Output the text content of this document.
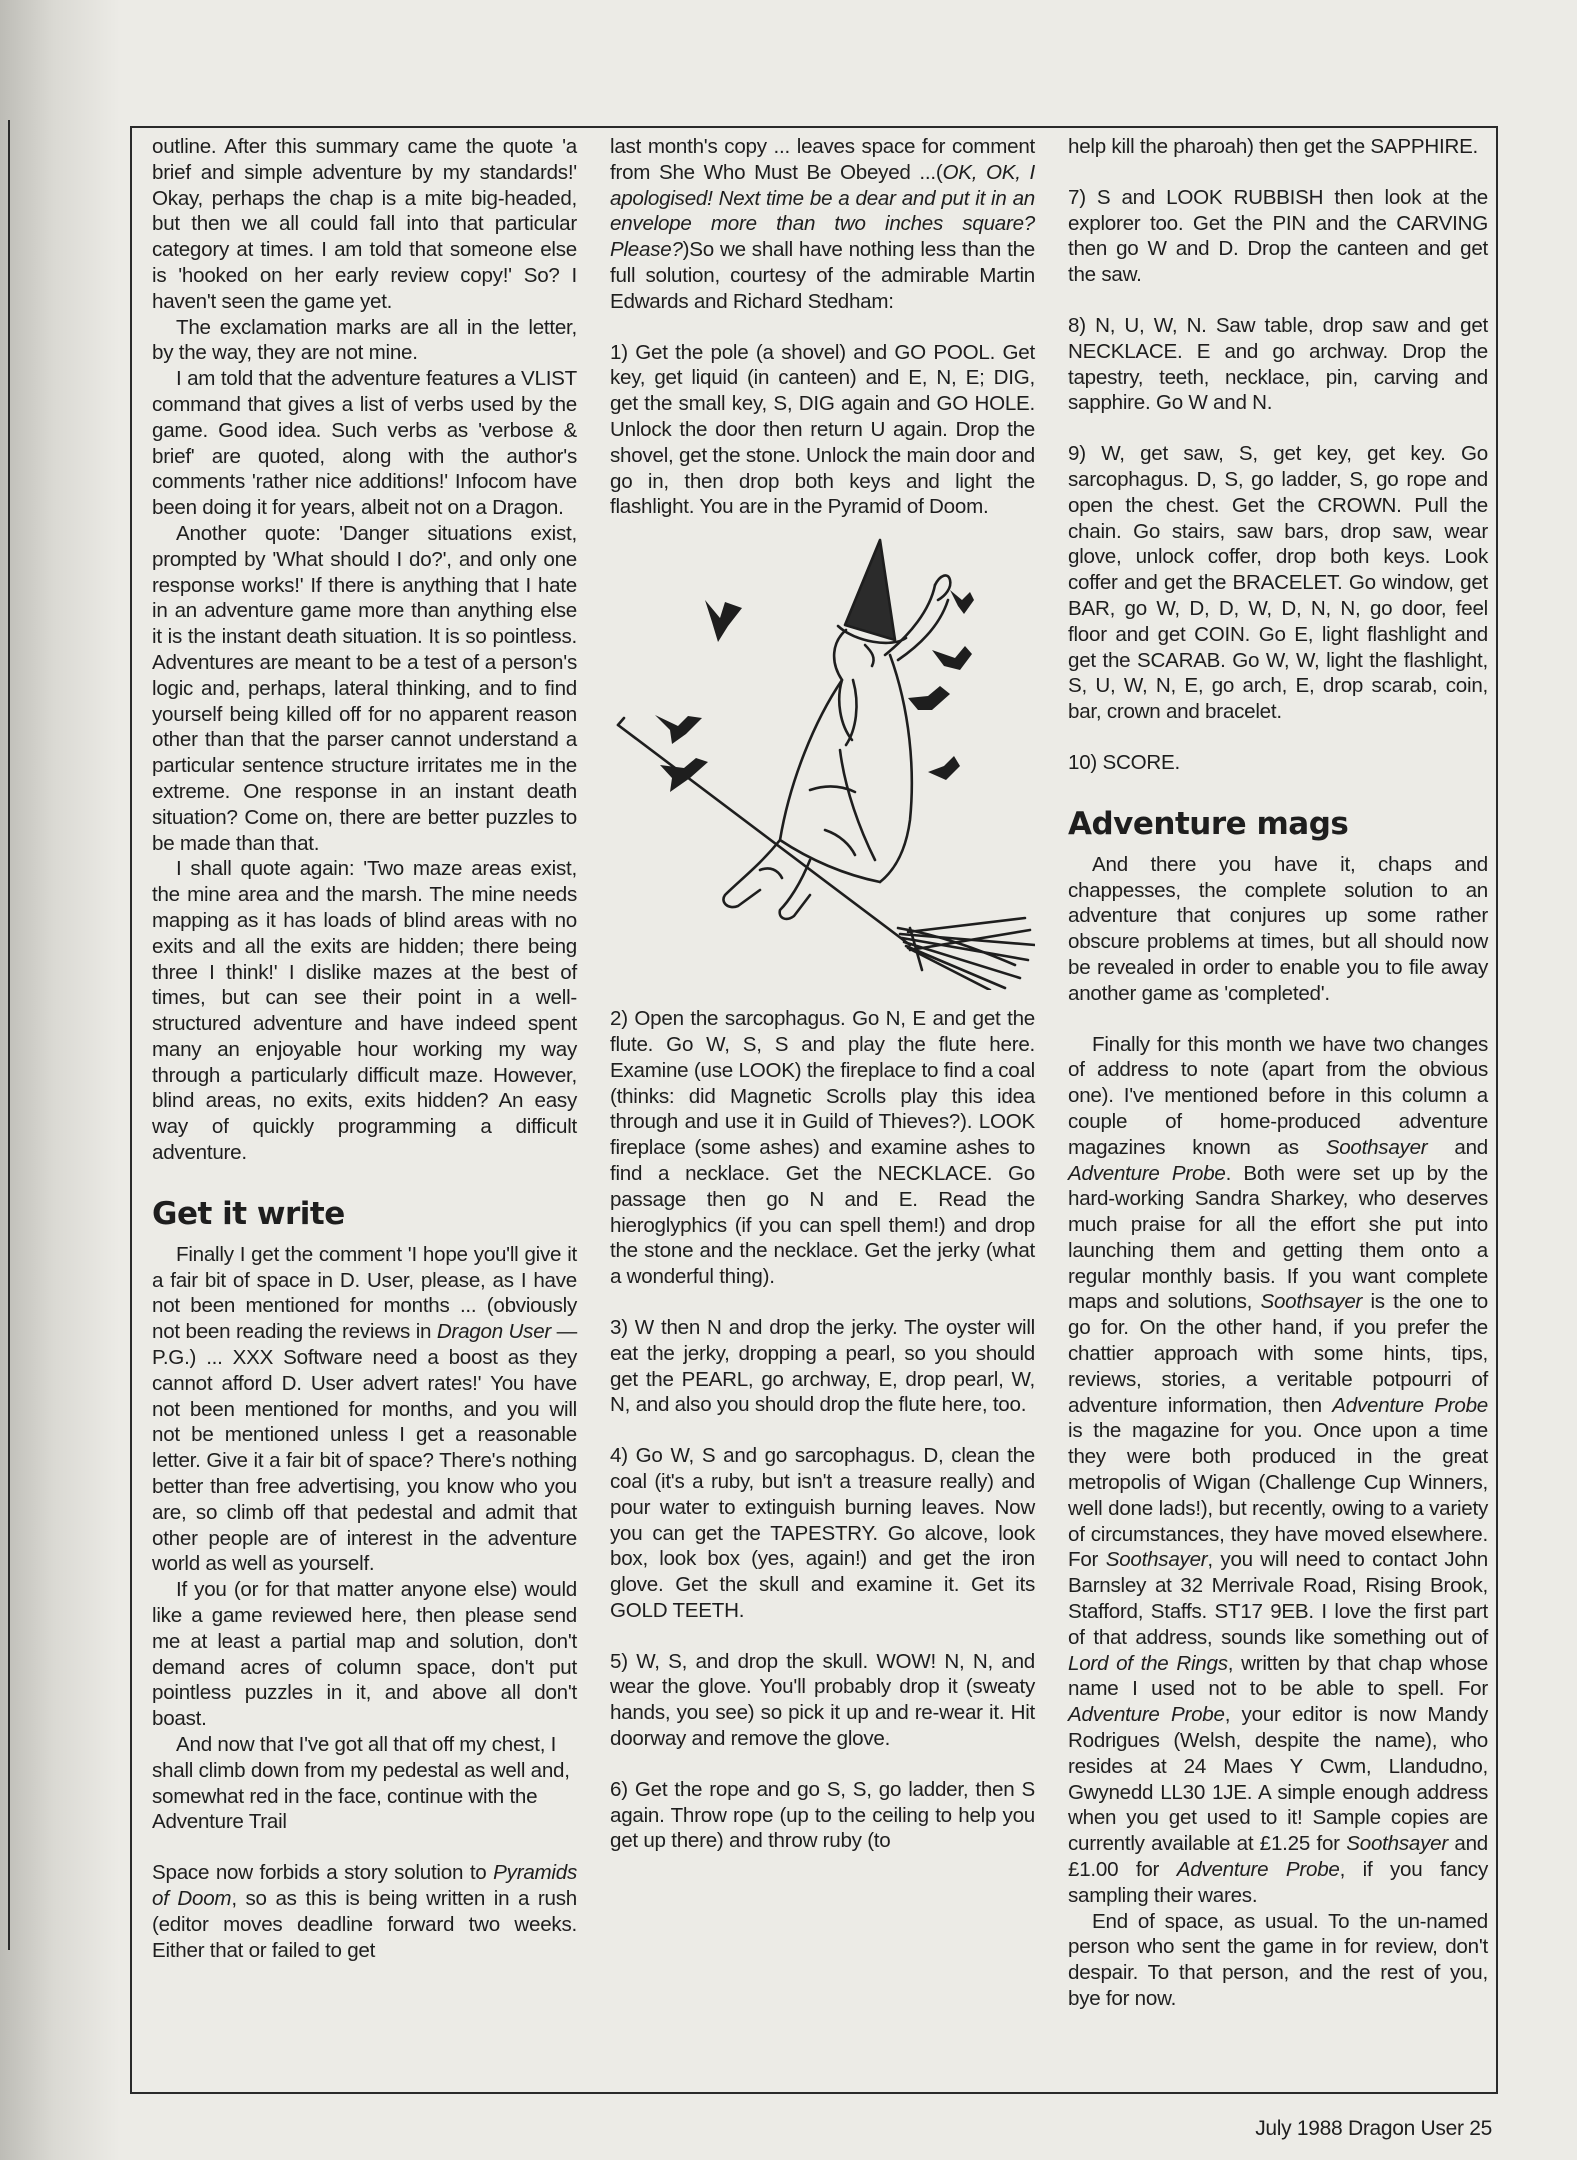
outline. After this summary came the quote 'a brief and simple adventure by my standards!' Okay, perhaps the chap is a mite big-headed, but then we all could fall into that particular category at times. I am told that someone else is 'hooked on her early review copy!' So? I haven't seen the game yet.

The exclamation marks are all in the letter, by the way, they are not mine.

I am told that the adventure features a VLIST command that gives a list of verbs used by the game. Good idea. Such verbs as 'verbose & brief' are quoted, along with the author's comments 'rather nice additions!' Infocom have been doing it for years, albeit not on a Dragon.

Another quote: 'Danger situations exist, prompted by 'What should I do?', and only one response works!' If there is anything that I hate in an adventure game more than anything else it is the instant death situation. It is so pointless. Adventures are meant to be a test of a person's logic and, perhaps, lateral thinking, and to find yourself being killed off for no apparent reason other than that the parser cannot understand a particular sentence structure irritates me in the extreme. One response in an instant death situation? Come on, there are better puzzles to be made than that.

I shall quote again: 'Two maze areas exist, the mine area and the marsh. The mine needs mapping as it has loads of blind areas with no exits and all the exits are hidden; there being three I think!' I dislike mazes at the best of times, but can see their point in a well-structured adventure and have indeed spent many an enjoyable hour working my way through a particularly difficult maze. However, blind areas, no exits, exits hidden? An easy way of quickly programming a difficult adventure.

Get it write

Finally I get the comment 'I hope you'll give it a fair bit of space in D. User, please, as I have not been mentioned for months ... (obviously not been reading the reviews in Dragon User — P.G.) ... XXX Software need a boost as they cannot afford D. User advert rates!' You have not been mentioned for months, and you will not be mentioned unless I get a reasonable letter. Give it a fair bit of space? There's nothing better than free advertising, you know who you are, so climb off that pedestal and admit that other people are of interest in the adventure world as well as yourself.

If you (or for that matter anyone else) would like a game reviewed here, then please send me at least a partial map and solution, don't demand acres of column space, don't put pointless puzzles in it, and above all don't boast.

And now that I've got all that off my chest, I shall climb down from my pedestal as well and, somewhat red in the face, continue with the Adventure Trail

Space now forbids a story solution to Pyramids of Doom, so as this is being written in a rush (editor moves deadline forward two weeks. Either that or failed to get

last month's copy ... leaves space for comment from She Who Must Be Obeyed ...(OK, OK, I apologised! Next time be a dear and put it in an envelope more than two inches square? Please?)So we shall have nothing less than the full solution, courtesy of the admirable Martin Edwards and Richard Stedham:

1) Get the pole (a shovel) and GO POOL. Get key, get liquid (in canteen) and E, N, E; DIG, get the small key, S, DIG again and GO HOLE. Unlock the door then return U again. Drop the shovel, get the stone. Unlock the main door and go in, then drop both keys and light the flashlight. You are in the Pyramid of Doom.

2) Open the sarcophagus. Go N, E and get the flute. Go W, S, S and play the flute here. Examine (use LOOK) the fireplace to find a coal (thinks: did Magnetic Scrolls play this idea through and use it in Guild of Thieves?). LOOK fireplace (some ashes) and examine ashes to find a necklace. Get the NECKLACE. Go passage then go N and E. Read the hieroglyphics (if you can spell them!) and drop the stone and the necklace. Get the jerky (what a wonderful thing).

3) W then N and drop the jerky. The oyster will eat the jerky, dropping a pearl, so you should get the PEARL, go archway, E, drop pearl, W, N, and also you should drop the flute here, too.

4) Go W, S and go sarcophagus. D, clean the coal (it's a ruby, but isn't a treasure really) and pour water to extinguish burning leaves. Now you can get the TAPESTRY. Go alcove, look box, look box (yes, again!) and get the iron glove. Get the skull and examine it. Get its GOLD TEETH.

5) W, S, and drop the skull. WOW! N, N, and wear the glove. You'll probably drop it (sweaty hands, you see) so pick it up and re-wear it. Hit doorway and remove the glove.

6) Get the rope and go S, S, go ladder, then S again. Throw rope (up to the ceiling to help you get up there) and throw ruby (to

help kill the pharoah) then get the SAPPHIRE.

7) S and LOOK RUBBISH then look at the explorer too. Get the PIN and the CARVING then go W and D. Drop the canteen and get the saw.

8) N, U, W, N. Saw table, drop saw and get NECKLACE. E and go archway. Drop the tapestry, teeth, necklace, pin, carving and sapphire. Go W and N.

9) W, get saw, S, get key, get key. Go sarcophagus. D, S, go ladder, S, go rope and open the chest. Get the CROWN. Pull the chain. Go stairs, saw bars, drop saw, wear glove, unlock coffer, drop both keys. Look coffer and get the BRACELET. Go window, get BAR, go W, D, D, W, D, N, N, go door, feel floor and get COIN. Go E, light flashlight and get the SCARAB. Go W, W, light the flashlight, S, U, W, N, E, go arch, E, drop scarab, coin, bar, crown and bracelet.

10) SCORE.

Adventure mags

And there you have it, chaps and chappesses, the complete solution to an adventure that conjures up some rather obscure problems at times, but all should now be revealed in order to enable you to file away another game as 'completed'.

Finally for this month we have two changes of address to note (apart from the obvious one). I've mentioned before in this column a couple of home-produced adventure magazines known as Soothsayer and Adventure Probe. Both were set up by the hard-working Sandra Sharkey, who deserves much praise for all the effort she put into launching them and getting them onto a regular monthly basis. If you want complete maps and solutions, Soothsayer is the one to go for. On the other hand, if you prefer the chattier approach with some hints, tips, reviews, stories, a veritable potpourri of adventure information, then Adventure Probe is the magazine for you. Once upon a time they were both produced in the great metropolis of Wigan (Challenge Cup Winners, well done lads!), but recently, owing to a variety of circumstances, they have moved elsewhere. For Soothsayer, you will need to contact John Barnsley at 32 Merrivale Road, Rising Brook, Stafford, Staffs. ST17 9EB. I love the first part of that address, sounds like something out of Lord of the Rings, written by that chap whose name I used not to be able to spell. For Adventure Probe, your editor is now Mandy Rodrigues (Welsh, despite the name), who resides at 24 Maes Y Cwm, Llandudno, Gwynedd LL30 1JE. A simple enough address when you get used to it! Sample copies are currently available at £1.25 for Soothsayer and £1.00 for Adventure Probe, if you fancy sampling their wares.

End of space, as usual. To the un-named person who sent the game in for review, don't despair. To that person, and the rest of you, bye for now.

July 1988 Dragon User 25
